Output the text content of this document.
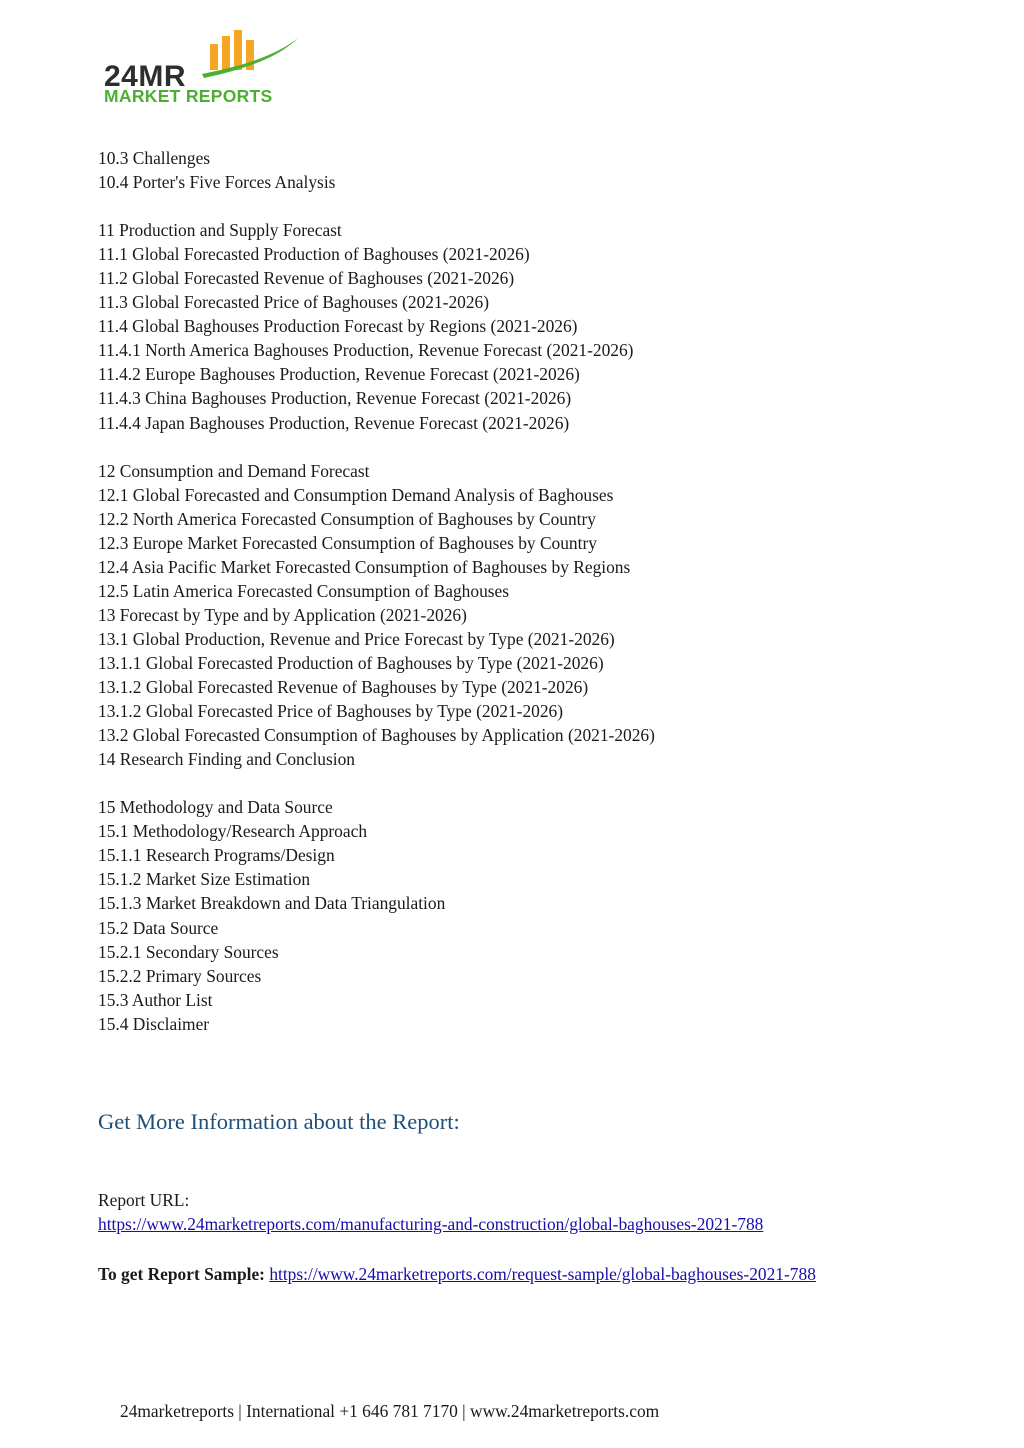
24MR
MARKET REPORTS
10.3 Challenges
10.4 Porter's Five Forces Analysis
11 Production and Supply Forecast
11.1 Global Forecasted Production of Baghouses (2021-2026)
11.2 Global Forecasted Revenue of Baghouses (2021-2026)
11.3 Global Forecasted Price of Baghouses (2021-2026)
11.4 Global Baghouses Production Forecast by Regions (2021-2026)
11.4.1 North America Baghouses Production, Revenue Forecast (2021-2026)
11.4.2 Europe Baghouses Production, Revenue Forecast (2021-2026)
11.4.3 China Baghouses Production, Revenue Forecast (2021-2026)
11.4.4 Japan Baghouses Production, Revenue Forecast (2021-2026)
12 Consumption and Demand Forecast
12.1 Global Forecasted and Consumption Demand Analysis of Baghouses
12.2 North America Forecasted Consumption of Baghouses by Country
12.3 Europe Market Forecasted Consumption of Baghouses by Country
12.4 Asia Pacific Market Forecasted Consumption of Baghouses by Regions
12.5 Latin America Forecasted Consumption of Baghouses
13 Forecast by Type and by Application (2021-2026)
13.1 Global Production, Revenue and Price Forecast by Type (2021-2026)
13.1.1 Global Forecasted Production of Baghouses by Type (2021-2026)
13.1.2 Global Forecasted Revenue of Baghouses by Type (2021-2026)
13.1.2 Global Forecasted Price of Baghouses by Type (2021-2026)
13.2 Global Forecasted Consumption of Baghouses by Application (2021-2026)
14 Research Finding and Conclusion
15 Methodology and Data Source
15.1 Methodology/Research Approach
15.1.1 Research Programs/Design
15.1.2 Market Size Estimation
15.1.3 Market Breakdown and Data Triangulation
15.2 Data Source
15.2.1 Secondary Sources
15.2.2 Primary Sources
15.3 Author List
15.4 Disclaimer
Get More Information about the Report:
Report URL:
https://www.24marketreports.com/manufacturing-and-construction/global-baghouses-2021-788
To get Report Sample: https://www.24marketreports.com/request-sample/global-baghouses-2021-788
24marketreports | International +1 646 781 7170 | www.24marketreports.com
